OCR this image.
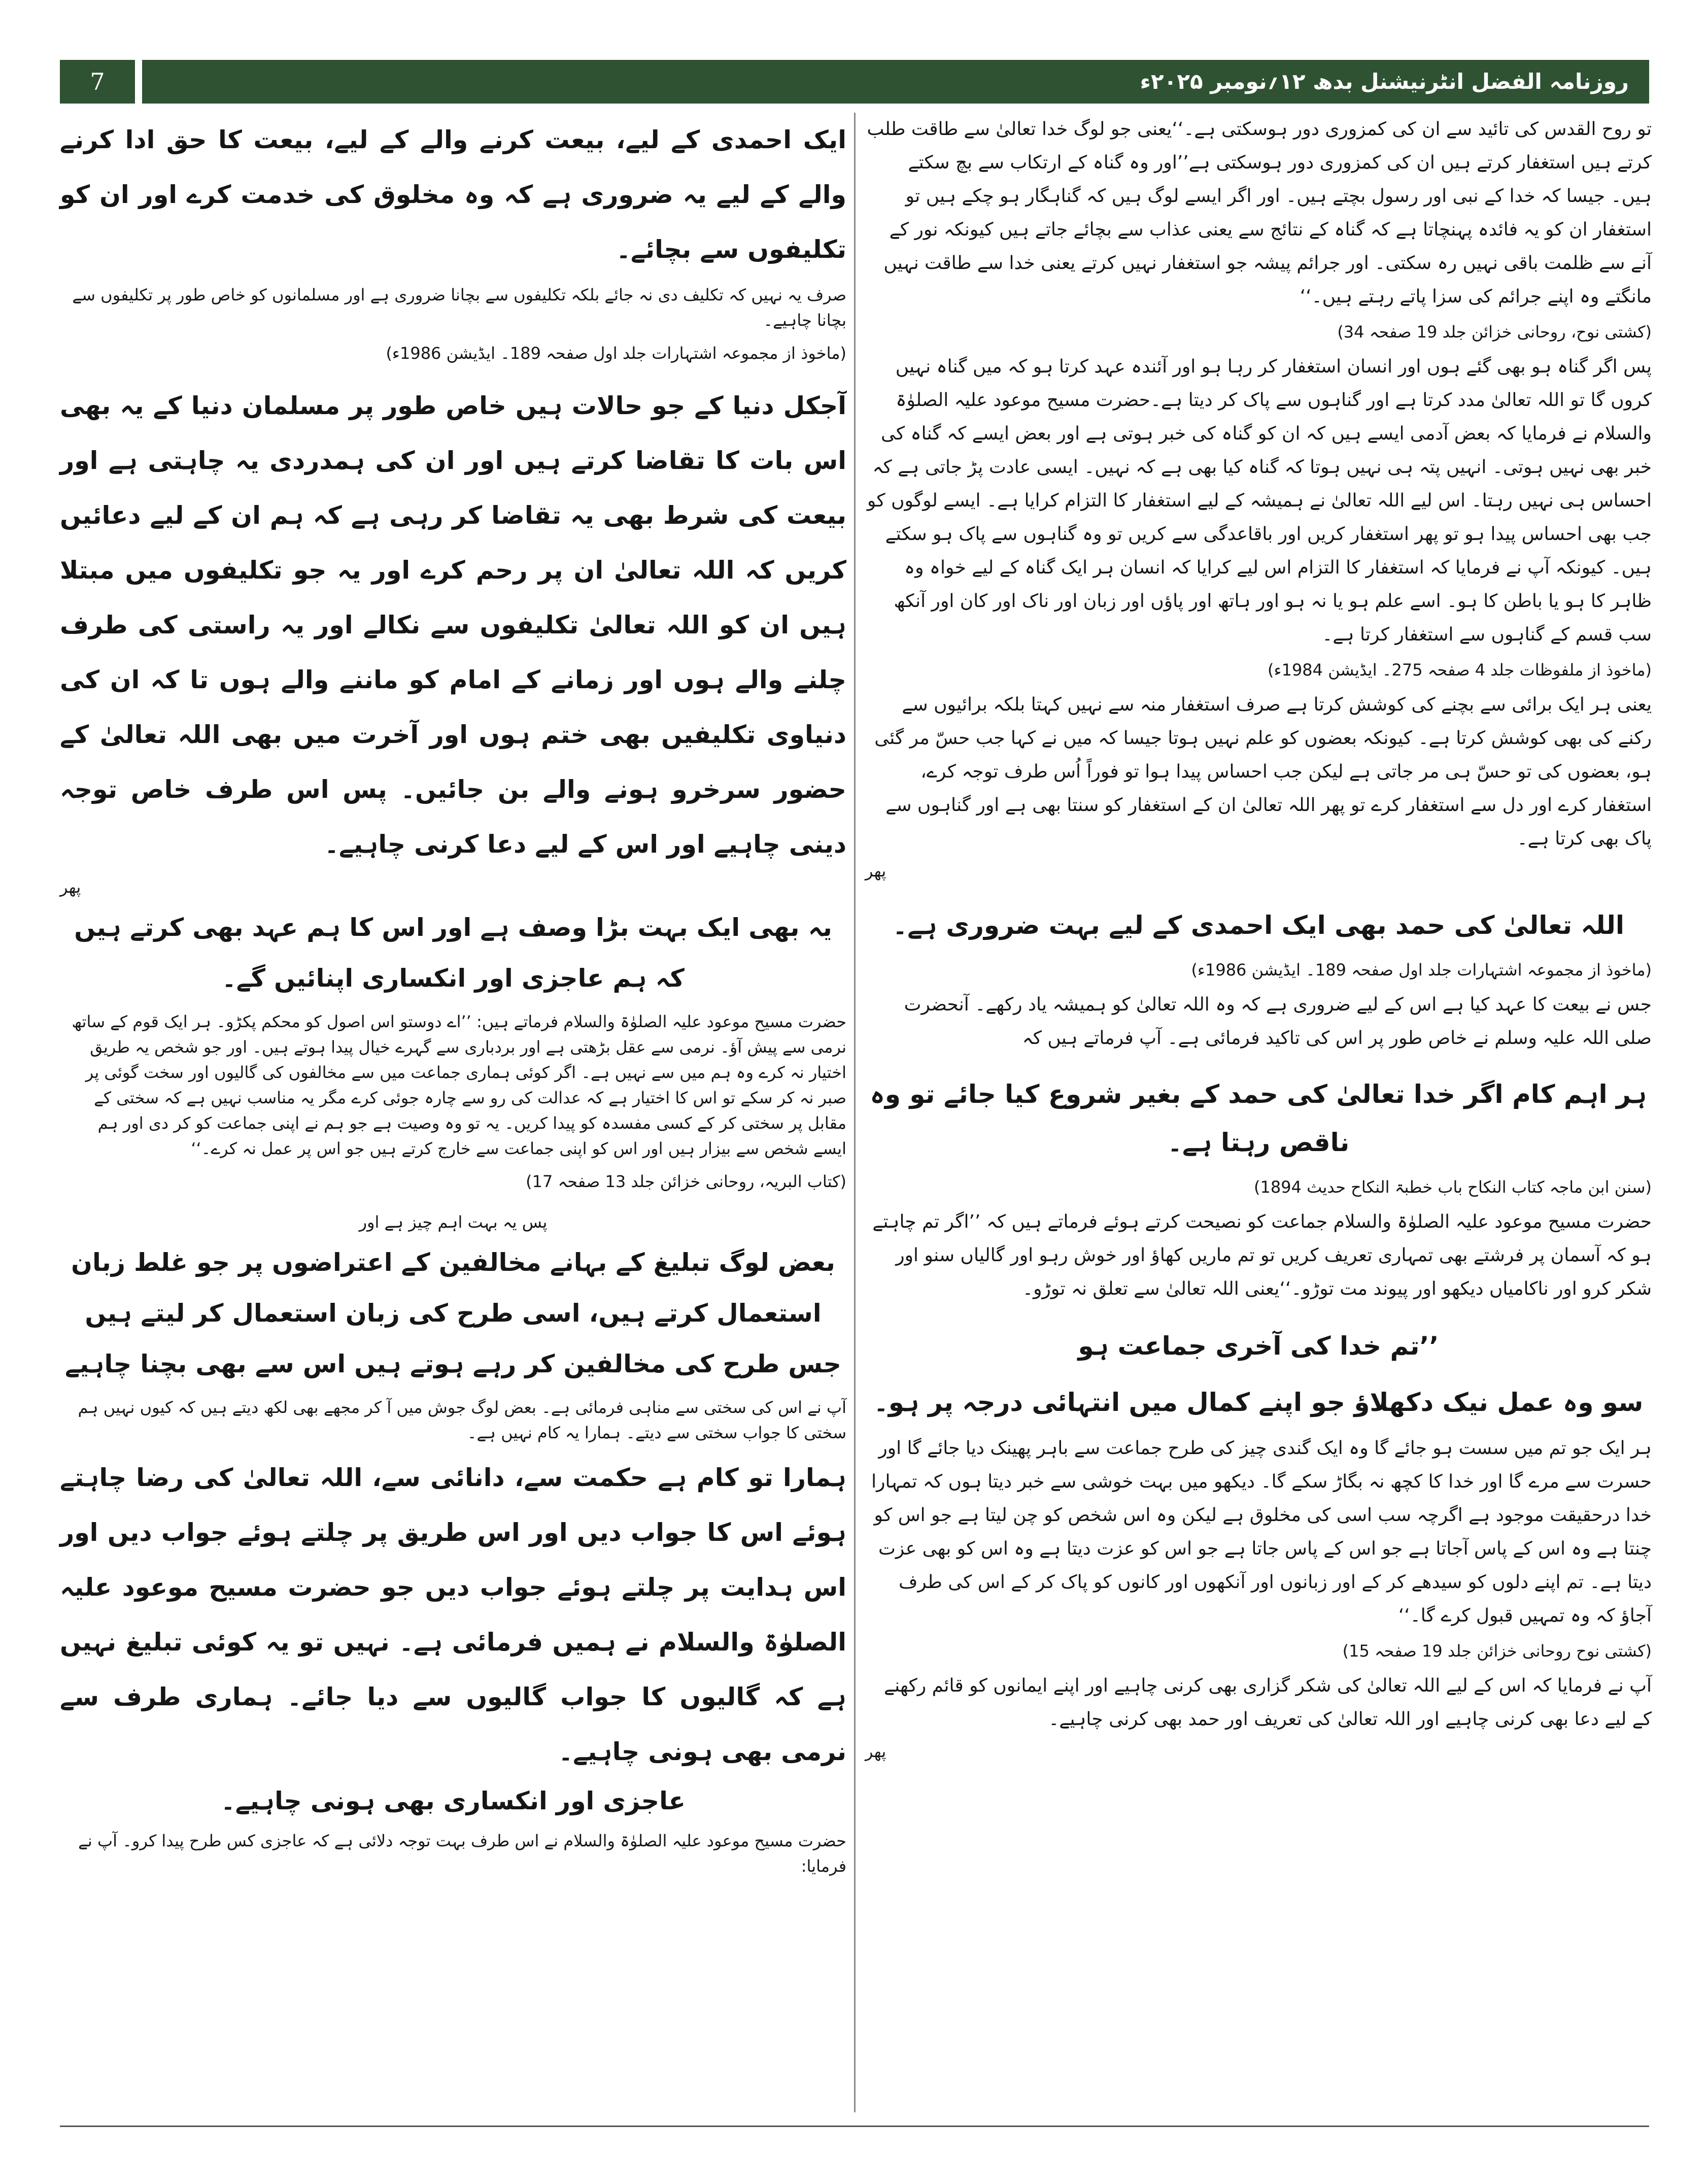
روزنامہ الفضل انٹرنیشنل بدھ ۱۲؍نومبر ۲۰۲۵ء
7

تو روح القدس کی تائید سے ان کی کمزوری دور ہوسکتی ہے۔‘‘یعنی جو لوگ خدا تعالیٰ سے طاقت طلب کرتے ہیں استغفار کرتے ہیں ان کی کمزوری دور ہوسکتی ہے’’اور وہ گناہ کے ارتکاب سے بچ سکتے ہیں۔ جیسا کہ خدا کے نبی اور رسول بچتے ہیں۔ اور اگر ایسے لوگ ہیں کہ گناہگار ہو چکے ہیں تو استغفار ان کو یہ فائدہ پہنچاتا ہے کہ گناہ کے نتائج سے یعنی عذاب سے بچائے جاتے ہیں کیونکہ نور کے آنے سے ظلمت باقی نہیں رہ سکتی۔ اور جرائم پیشہ جو استغفار نہیں کرتے یعنی خدا سے طاقت نہیں مانگتے وہ اپنے جرائم کی سزا پاتے رہتے ہیں۔‘‘

(کشتی نوح، روحانی خزائن جلد 19 صفحہ 34)

پس اگر گناہ ہو بھی گئے ہوں اور انسان استغفار کر رہا ہو اور آئندہ عہد کرتا ہو کہ میں گناہ نہیں کروں گا تو اللہ تعالیٰ مدد کرتا ہے اور گناہوں سے پاک کر دیتا ہے۔حضرت مسیح موعود علیہ الصلوٰۃ والسلام نے فرمایا کہ بعض آدمی ایسے ہیں کہ ان کو گناہ کی خبر ہوتی ہے اور بعض ایسے کہ گناہ کی خبر بھی نہیں ہوتی۔ انہیں پتہ ہی نہیں ہوتا کہ گناہ کیا بھی ہے کہ نہیں۔ ایسی عادت پڑ جاتی ہے کہ احساس ہی نہیں رہتا۔ اس لیے اللہ تعالیٰ نے ہمیشہ کے لیے استغفار کا التزام کرایا ہے۔ ایسے لوگوں کو جب بھی احساس پیدا ہو تو پھر استغفار کریں اور باقاعدگی سے کریں تو وہ گناہوں سے پاک ہو سکتے ہیں۔ کیونکہ آپ نے فرمایا کہ استغفار کا التزام اس لیے کرایا کہ انسان ہر ایک گناہ کے لیے خواہ وہ ظاہر کا ہو یا باطن کا ہو۔ اسے علم ہو یا نہ ہو اور ہاتھ اور پاؤں اور زبان اور ناک اور کان اور آنکھ سب قسم کے گناہوں سے استغفار کرتا ہے۔

(ماخوذ از ملفوظات جلد 4 صفحہ 275۔ ایڈیشن 1984ء)

یعنی ہر ایک برائی سے بچنے کی کوشش کرتا ہے صرف استغفار منہ سے نہیں کہتا بلکہ برائیوں سے رکنے کی بھی کوشش کرتا ہے۔ کیونکہ بعضوں کو علم نہیں ہوتا جیسا کہ میں نے کہا جب حسّ مر گئی ہو، بعضوں کی تو حسّ ہی مر جاتی ہے لیکن جب احساس پیدا ہوا تو فوراً اُس طرف توجہ کرے، استغفار کرے اور دل سے استغفار کرے تو پھر اللہ تعالیٰ ان کے استغفار کو سنتا بھی ہے اور گناہوں سے پاک بھی کرتا ہے۔

پھر

اللہ تعالیٰ کی حمد بھی ایک احمدی کے لیے بہت ضروری ہے۔

(ماخوذ از مجموعہ اشتہارات جلد اول صفحہ 189۔ ایڈیشن 1986ء)

جس نے بیعت کا عہد کیا ہے اس کے لیے ضروری ہے کہ وہ اللہ تعالیٰ کو ہمیشہ یاد رکھے۔ آنحضرت صلی اللہ علیہ وسلم نے خاص طور پر اس کی تاکید فرمائی ہے۔ آپ فرماتے ہیں کہ

ہر اہم کام اگر خدا تعالیٰ کی حمد کے بغیر شروع کیا جائے تو وہ ناقص رہتا ہے۔

(سنن ابن ماجہ کتاب النکاح باب خطبۃ النکاح حدیث 1894)

حضرت مسیح موعود علیہ الصلوٰۃ والسلام جماعت کو نصیحت کرتے ہوئے فرماتے ہیں کہ ’’اگر تم چاہتے ہو کہ آسمان پر فرشتے بھی تمہاری تعریف کریں تو تم ماریں کھاؤ اور خوش رہو اور گالیاں سنو اور شکر کرو اور ناکامیاں دیکھو اور پیوند مت توڑو۔‘‘یعنی اللہ تعالیٰ سے تعلق نہ توڑو۔

’’تم خدا کی آخری جماعت ہو
سو وہ عمل نیک دکھلاؤ جو اپنے کمال میں انتہائی درجہ پر ہو۔

ہر ایک جو تم میں سست ہو جائے گا وہ ایک گندی چیز کی طرح جماعت سے باہر پھینک دیا جائے گا اور حسرت سے مرے گا اور خدا کا کچھ نہ بگاڑ سکے گا۔ دیکھو میں بہت خوشی سے خبر دیتا ہوں کہ تمہارا خدا درحقیقت موجود ہے اگرچہ سب اسی کی مخلوق ہے لیکن وہ اس شخص کو چن لیتا ہے جو اس کو چنتا ہے وہ اس کے پاس آجاتا ہے جو اس کے پاس جاتا ہے جو اس کو عزت دیتا ہے وہ اس کو بھی عزت دیتا ہے۔ تم اپنے دلوں کو سیدھے کر کے اور زبانوں اور آنکھوں اور کانوں کو پاک کر کے اس کی طرف آجاؤ کہ وہ تمہیں قبول کرے گا۔‘‘

(کشتی نوح روحانی خزائن جلد 19 صفحہ 15)

آپ نے فرمایا کہ اس کے لیے اللہ تعالیٰ کی شکر گزاری بھی کرنی چاہیے اور اپنے ایمانوں کو قائم رکھنے کے لیے دعا بھی کرنی چاہیے اور اللہ تعالیٰ کی تعریف اور حمد بھی کرنی چاہیے۔

پھر

ایک احمدی کے لیے، بیعت کرنے والے کے لیے، بیعت کا حق ادا کرنے والے کے لیے یہ ضروری ہے کہ وہ مخلوق کی خدمت کرے اور ان کو تکلیفوں سے بچائے۔

صرف یہ نہیں کہ تکلیف دی نہ جائے بلکہ تکلیفوں سے بچانا ضروری ہے اور مسلمانوں کو خاص طور پر تکلیفوں سے بچانا چاہیے۔

(ماخوذ از مجموعہ اشتہارات جلد اول صفحہ 189۔ ایڈیشن 1986ء)

آجکل دنیا کے جو حالات ہیں خاص طور پر مسلمان دنیا کے یہ بھی اس بات کا تقاضا کرتے ہیں اور ان کی ہمدردی یہ چاہتی ہے اور بیعت کی شرط بھی یہ تقاضا کر رہی ہے کہ ہم ان کے لیے دعائیں کریں کہ اللہ تعالیٰ ان پر رحم کرے اور یہ جو تکلیفوں میں مبتلا ہیں ان کو اللہ تعالیٰ تکلیفوں سے نکالے اور یہ راستی کی طرف چلنے والے ہوں اور زمانے کے امام کو ماننے والے ہوں تا کہ ان کی دنیاوی تکلیفیں بھی ختم ہوں اور آخرت میں بھی اللہ تعالیٰ کے حضور سرخرو ہونے والے بن جائیں۔ پس اس طرف خاص توجہ دینی چاہیے اور اس کے لیے دعا کرنی چاہیے۔

پھر

یہ بھی ایک بہت بڑا وصف ہے اور اس کا ہم عہد بھی کرتے ہیں کہ ہم عاجزی اور انکساری اپنائیں گے۔

حضرت مسیح موعود علیہ الصلوٰۃ والسلام فرماتے ہیں: ’’اے دوستو اس اصول کو محکم پکڑو۔ ہر ایک قوم کے ساتھ نرمی سے پیش آؤ۔ نرمی سے عقل بڑھتی ہے اور بردباری سے گہرے خیال پیدا ہوتے ہیں۔ اور جو شخص یہ طریق اختیار نہ کرے وہ ہم میں سے نہیں ہے۔ اگر کوئی ہماری جماعت میں سے مخالفوں کی گالیوں اور سخت گوئی پر صبر نہ کر سکے تو اس کا اختیار ہے کہ عدالت کی رو سے چارہ جوئی کرے مگر یہ مناسب نہیں ہے کہ سختی کے مقابل پر سختی کر کے کسی مفسدہ کو پیدا کریں۔ یہ تو وہ وصیت ہے جو ہم نے اپنی جماعت کو کر دی اور ہم ایسے شخص سے بیزار ہیں اور اس کو اپنی جماعت سے خارج کرتے ہیں جو اس پر عمل نہ کرے۔‘‘

(کتاب البریہ، روحانی خزائن جلد 13 صفحہ 17)

پس یہ بہت اہم چیز ہے اور

بعض لوگ تبلیغ کے بہانے مخالفین کے اعتراضوں پر جو غلط زبان استعمال کرتے ہیں، اسی طرح کی زبان استعمال کر لیتے ہیں جس طرح کی مخالفین کر رہے ہوتے ہیں اس سے بھی بچنا چاہیے

آپ نے اس کی سختی سے مناہی فرمائی ہے۔ بعض لوگ جوش میں آ کر مجھے بھی لکھ دیتے ہیں کہ کیوں نہیں ہم سختی کا جواب سختی سے دیتے۔ ہمارا یہ کام نہیں ہے۔

ہمارا تو کام ہے حکمت سے، دانائی سے، اللہ تعالیٰ کی رضا چاہتے ہوئے اس کا جواب دیں اور اس طریق پر چلتے ہوئے جواب دیں اور اس ہدایت پر چلتے ہوئے جواب دیں جو حضرت مسیح موعود علیہ الصلوٰۃ والسلام نے ہمیں فرمائی ہے۔ نہیں تو یہ کوئی تبلیغ نہیں ہے کہ گالیوں کا جواب گالیوں سے دیا جائے۔ ہماری طرف سے نرمی بھی ہونی چاہیے۔

عاجزی اور انکساری بھی ہونی چاہیے۔

حضرت مسیح موعود علیہ الصلوٰۃ والسلام نے اس طرف بہت توجہ دلائی ہے کہ عاجزی کس طرح پیدا کرو۔ آپ نے فرمایا:
